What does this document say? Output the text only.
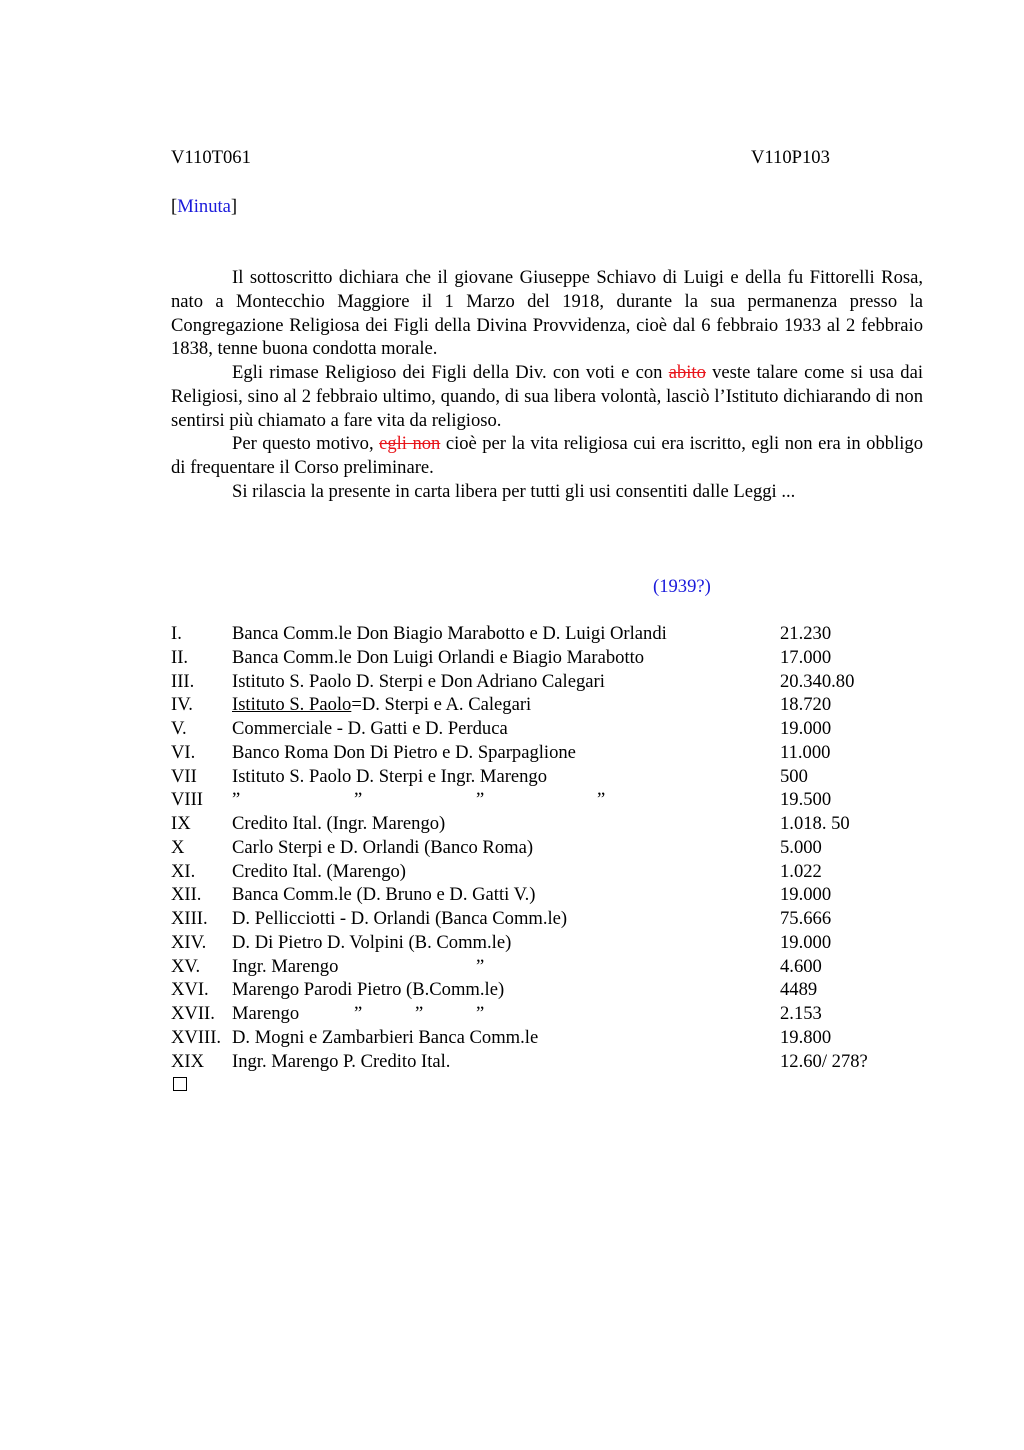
V110T061	V110P103
[Minuta]
Il sottoscritto dichiara che il giovane Giuseppe Schiavo di Luigi e della fu Fittorelli Rosa, nato a Montecchio Maggiore il 1 Marzo del 1918, durante la sua permanenza presso la Congregazione Religiosa dei Figli della Divina Provvidenza, cioè dal 6 febbraio 1933 al 2 febbraio 1838, tenne buona condotta morale.
Egli rimase Religioso dei Figli della Div. con voti e con abito veste talare come si usa dai Religiosi, sino al 2 febbraio ultimo, quando, di sua libera volontà, lasciò l’Istituto dichiarando di non sentirsi più chiamato a fare vita da religioso.
Per questo motivo, egli non cioè per la vita religiosa cui era iscritto, egli non era in obbligo di frequentare il Corso preliminare.
Si rilascia la presente in carta libera per tutti gli usi consentiti dalle Leggi ...
(1939?)
I.	Banca Comm.le Don Biagio Marabotto e D. Luigi Orlandi	21.230
II. Banca Comm.le Don Luigi Orlandi e Biagio Marabotto	17.000
III. Istituto S. Paolo D. Sterpi e Don Adriano Calegari	20.340.80
IV. Istituto S. Paolo=D. Sterpi e A. Calegari	18.720
V. Commerciale - D. Gatti e D. Perduca	19.000
VI. Banco Roma Don Di Pietro e D. Sparpaglione	11.000
VII Istituto S. Paolo D. Sterpi e Ingr. Marengo	500
VIII ”	”	”	”	19.500
IX Credito Ital. (Ingr. Marengo)	1.018. 50
X	Carlo Sterpi e D. Orlandi (Banco Roma)	5.000
XI. Credito Ital. (Marengo)	1.022
XII. Banca Comm.le (D. Bruno e D. Gatti V.)	19.000
XIII. D. Pellicciotti - D. Orlandi (Banca Comm.le)	75.666
XIV. D. Di Pietro D. Volpini (B. Comm.le)	19.000
XV. Ingr. Marengo	”	4.600
XVI. Marengo Parodi Pietro (B.Comm.le)	4489
XVII. Marengo	”	”	”	2.153
XVIII. D. Mogni e Zambarbieri Banca Comm.le	19.800
XIX Ingr. Marengo P. Credito Ital.	12.60/ 278?
